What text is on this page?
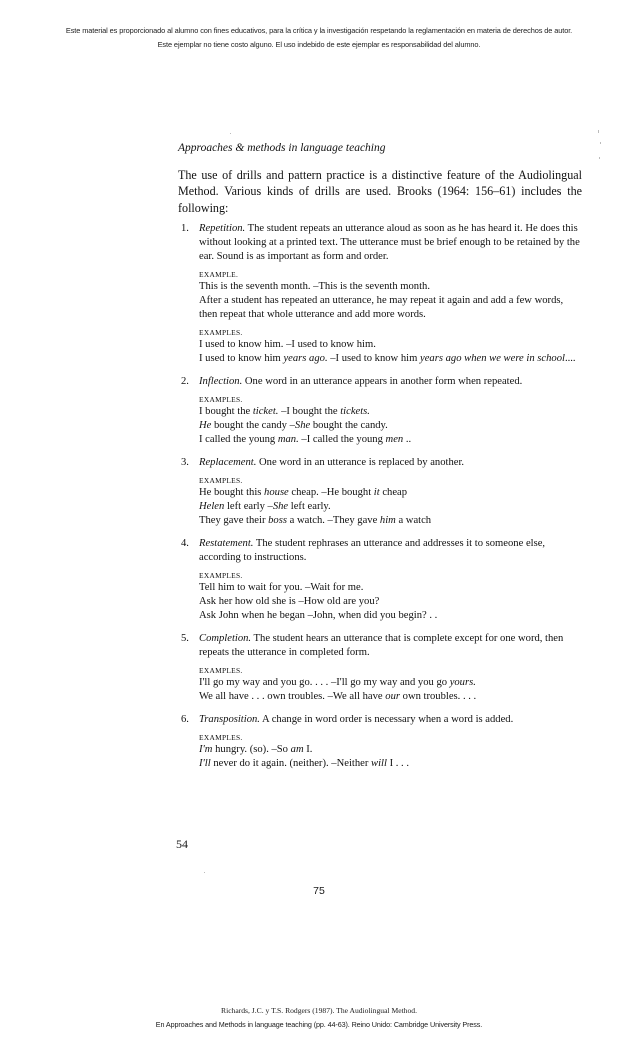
Este material es proporcionado al alumno con fines educativos, para la crítica y la investigación respetando la reglamentación en materia de derechos de autor.
Este ejemplar no tiene costo alguno. El uso indebido de este ejemplar es responsabilidad del alumno.
Approaches & methods in language teaching

The use of drills and pattern practice is a distinctive feature of the Audiolingual Method. Various kinds of drills are used. Brooks (1964: 156–61) includes the following:

1. Repetition. The student repeats an utterance aloud as soon as he has heard it. He does this without looking at a printed text. The utterance must be brief enough to be retained by the ear. Sound is as important as form and order.

EXAMPLE.
This is the seventh month. –This is the seventh month.
After a student has repeated an utterance, he may repeat it again and add a few words, then repeat that whole utterance and add more words.
EXAMPLES.
I used to know him. –I used to know him.
I used to know him years ago. –I used to know him years ago when we were in school....
2. Inflection. One word in an utterance appears in another form when repeated.

EXAMPLES.
I bought the ticket. –I bought the tickets.
He bought the candy –She bought the candy.
I called the young man. –I called the young men ..
3. Replacement. One word in an utterance is replaced by another.

EXAMPLES.
He bought this house cheap. –He bought it cheap
Helen left early –She left early.
They gave their boss a watch. –They gave him a watch
4. Restatement. The student rephrases an utterance and addresses it to someone else, according to instructions.

EXAMPLES.
Tell him to wait for you. –Wait for me.
Ask her how old she is –How old are you?
Ask John when he began –John, when did you begin? . .
5. Completion. The student hears an utterance that is complete except for one word, then repeats the utterance in completed form.

EXAMPLES.
I'll go my way and you go. . . . –I'll go my way and you go yours.
We all have . . . own troubles. –We all have our own troubles. . . .
6. Transposition. A change in word order is necessary when a word is added.

EXAMPLES.
I'm hungry. (so). –So am I.
I'll never do it again. (neither). –Neither will I . . .
54
75
Richards, J.C. y T.S. Rodgers (1987). The Audiolingual Method.
En Approaches and Methods in language teaching (pp. 44-63). Reino Unido: Cambridge University Press.
